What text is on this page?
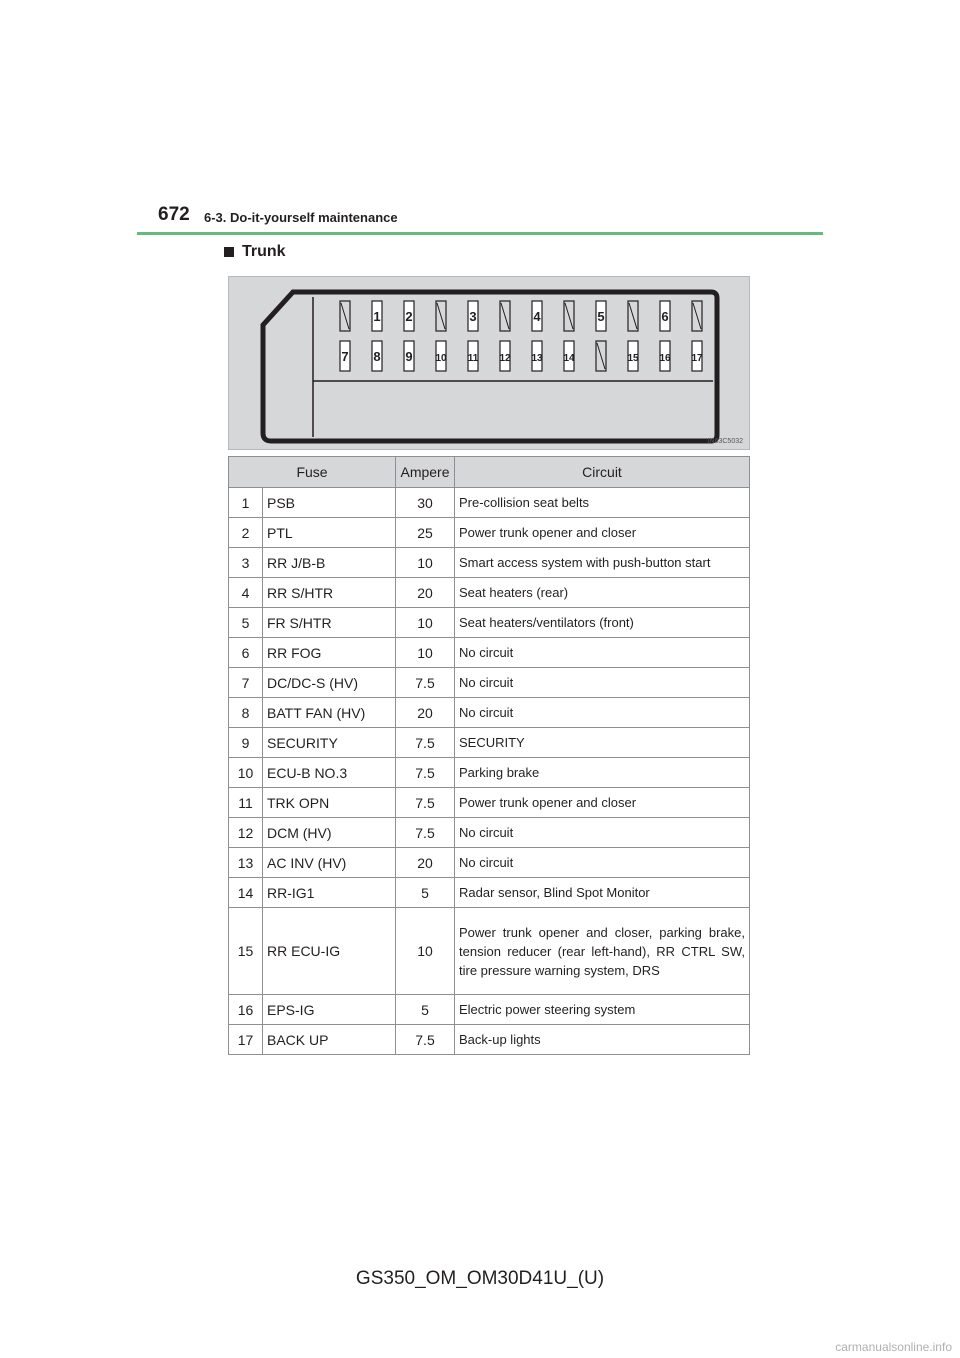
672 6-3. Do-it-yourself maintenance
Trunk
1 2	3	4	5	6
7 8 9 10 11 12 13 14	15 16 17
IN63C5032
Fuse		Ampere	Circuit
1	PSB	30	Pre-collision seat belts
2	PTL	25	Power trunk opener and closer
3	RR J/B-B	10	Smart access system with push-button start
4	RR S/HTR	20	Seat heaters (rear)
5	FR S/HTR	10	Seat heaters/ventilators (front)
6	RR FOG	10	No circuit
7	DC/DC-S (HV)	7.5	No circuit
8	BATT FAN (HV)	20	No circuit
9	SECURITY	7.5	SECURITY
10	ECU-B NO.3	7.5	Parking brake
11	TRK OPN	7.5	Power trunk opener and closer
12	DCM (HV)	7.5	No circuit
13	AC INV (HV)	20	No circuit
14	RR-IG1	5	Radar sensor, Blind Spot Monitor
15	RR ECU-IG	10	Power trunk opener and closer, parking brake, tension reducer (rear left-hand), RR CTRL SW, tire pressure warning system, DRS
16	EPS-IG	5	Electric power steering system
17	BACK UP	7.5	Back-up lights
GS350_OM_OM30D41U_(U)
carmanualsonline.info
